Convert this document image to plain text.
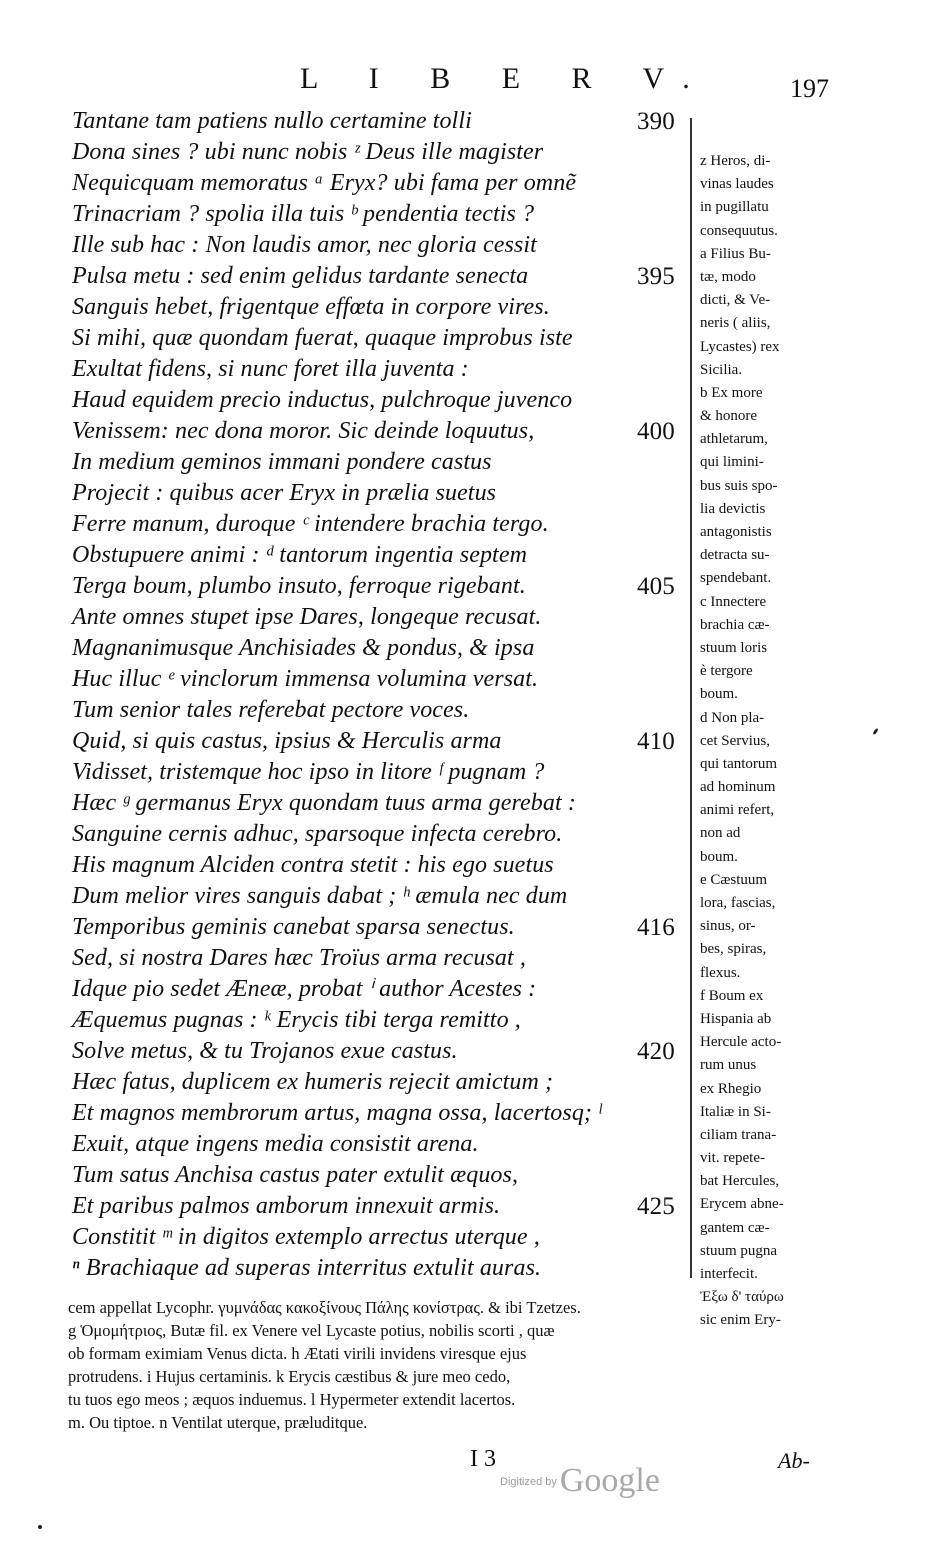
L I B E R V.	197
Tantane tam patiens nullo certamine tolli	390
Dona sines ? ubi nunc nobis ᶻ Deus ille magister
Nequicquam memoratus ᵃ Eryx? ubi fama per omnẽ
Trinacriam ? spolia illa tuis ᵇ pendentia tectis ?
Ille sub hac : Non laudis amor, nec gloria cessit
Pulsa metu : sed enim gelidus tardante senecta	395
Sanguis hebet, frigentque effœta in corpore vires.
Si mihi, quæ quondam fuerat, quaque improbus iste
Exultat fidens, si nunc foret illa juventa :
Haud equidem precio inductus, pulchroque juvenco
Venissem: nec dona moror. Sic deinde loquutus,	400
In medium geminos immani pondere castus
Projecit : quibus acer Eryx in prælia suetus
Ferre manum, duroque ᶜ intendere brachia tergo.
Obstupuere animi : ᵈ tantorum ingentia septem
Terga boum, plumbo insuto, ferroque rigebant.	405
Ante omnes stupet ipse Dares, longeque recusat.
Magnanimusque Anchisiades & pondus, & ipsa
Huc illuc ᵉ vinclorum immensa volumina versat.
Tum senior tales referebat pectore voces.
Quid, si quis castus, ipsius & Herculis arma	410
Vidisset, tristemque hoc ipso in litore ᶠ pugnam ?
Hæc ᵍ germanus Eryx quondam tuus arma gerebat :
Sanguine cernis adhuc, sparsoque infecta cerebro.
His magnum Alciden contra stetit : his ego suetus
Dum melior vires sanguis dabat ; ʰ æmula nec dum
Temporibus geminis canebat sparsa senectus.	416
Sed, si nostra Dares hæc Troïus arma recusat ,
Idque pio sedet Æneæ, probat ⁱ author Acestes :
Æquemus pugnas : ᵏ Erycis tibi terga remitto ,
Solve metus, & tu Trojanos exue castus.	420
Hæc fatus, duplicem ex humeris rejecit amictum ;
Et magnos membrorum artus, magna ossa, lacertosq; ˡ
Exuit, atque ingens media consistit arena.
Tum satus Anchisa castus pater extulit æquos,
Et paribus palmos amborum innexuit armis.	425
Constitit ᵐ in digitos extemplo arrectus uterque ,
ⁿ Brachiaque ad superas interritus extulit auras.
z Heros, di-
vinas laudes
in pugillatu
consequutus.
a Filius Bu-
tæ, modo
dicti, & Ve-
neris ( aliis,
Lycastes) rex
Sicilia.
b Ex more
& honore
athletarum,
qui limini-
bus suis spo-
lia devictis
antagonistis
detracta su-
spendebant.
c Innectere
brachia cæ-
stuum loris
è tergore
boum.
d Non pla-
cet Servius,
qui tantorum
ad hominum
animi refert,
non ad
boum.
e Cæstuum
lora, fascias,
sinus, or-
bes, spiras,
flexus.
f Boum ex
Hispania ab
Hercule acto-
rum unus
ex Rhegio
Italiæ in Si-
ciliam trana-
vit. repete-
bat Hercules,
Erycem abne-
gantem cæ-
stuum pugna
interfecit.
Ἐξω δ' ταύρω
sic enim Ery-
cem appellat Lycophr. γυμνάδας κακοξίνους Πάλης κονίστρας. & ibi Tzetzes.
g Ὁμομήτριος, Butæ fil. ex Venere vel Lycaste potius, nobilis scorti , quæ
ob formam eximiam Venus dicta. h Ætati virili invidens viresque ejus
protrudens. i Hujus certaminis. k Erycis cæstibus & jure meo cedo,
tu tuos ego meos ; æquos induemus. l Hypermeter extendit lacertos.
m. Ou tiptoe. n Ventilat uterque, præluditque.
I 3	Ab-
$^{Digitized by}$Google
